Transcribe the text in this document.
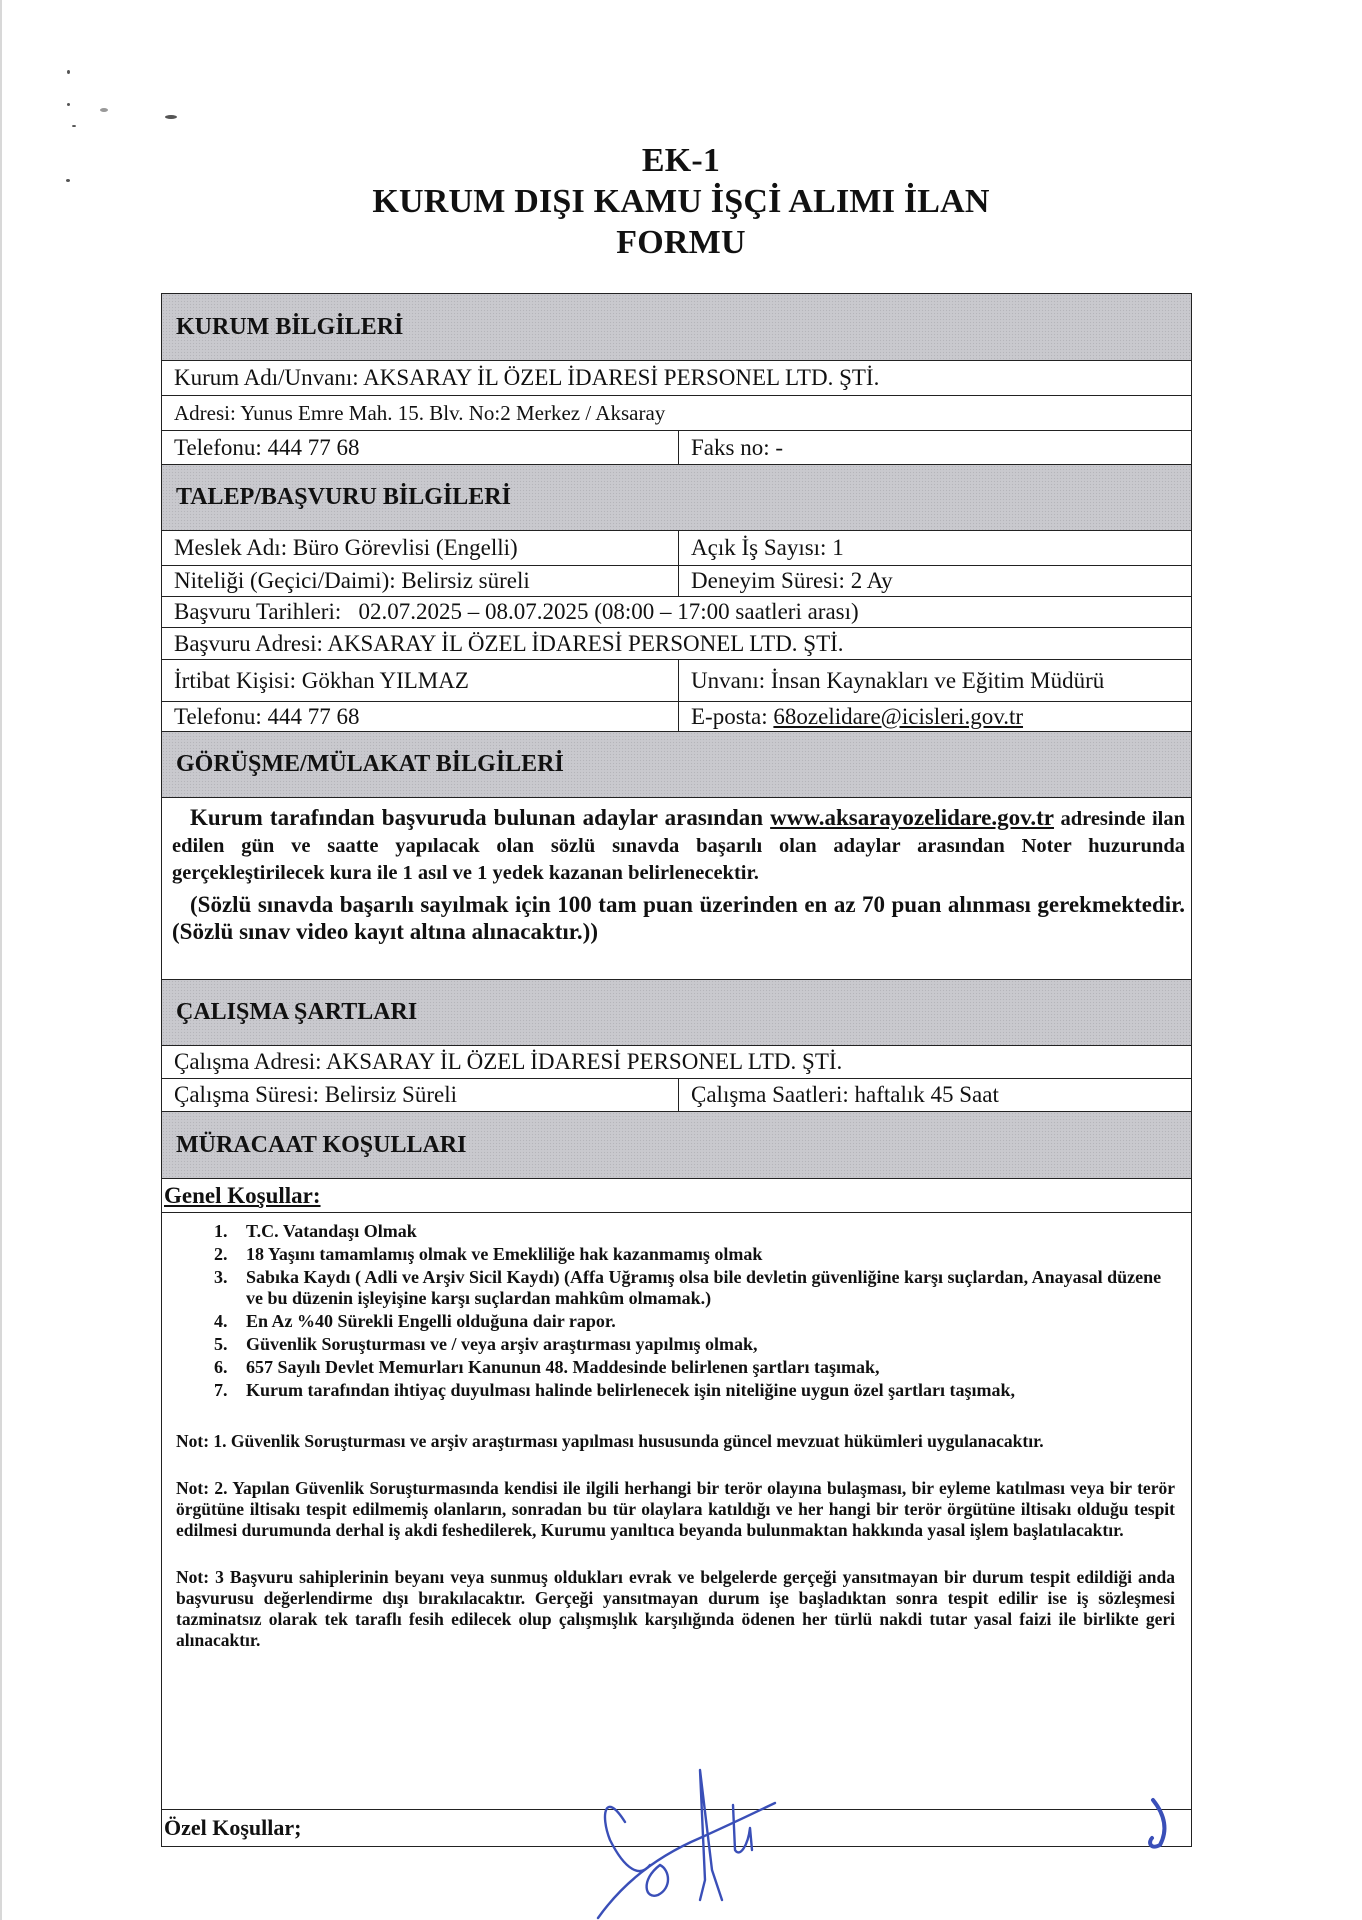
EK-1
KURUM DIŞI KAMU İŞÇİ ALIMI İLAN
FORMU
KURUM BİLGİLERİ
Kurum Adı/Unvanı: AKSARAY İL ÖZEL İDARESİ PERSONEL LTD. ŞTİ.
Adresi: Yunus Emre Mah. 15. Blv. No:2 Merkez / Aksaray
Telefonu: 444 77 68	Faks no: -
TALEP/BAŞVURU BİLGİLERİ
Meslek Adı: Büro Görevlisi (Engelli)	Açık İş Sayısı: 1
Niteliği (Geçici/Daimi): Belirsiz süreli	Deneyim Süresi: 2 Ay
Başvuru Tarihleri:   02.07.2025 – 08.07.2025 (08:00 – 17:00 saatleri arası)
Başvuru Adresi: AKSARAY İL ÖZEL İDARESİ PERSONEL LTD. ŞTİ.
İrtibat Kişisi: Gökhan YILMAZ	Unvanı: İnsan Kaynakları ve Eğitim Müdürü
Telefonu: 444 77 68	E-posta: 68ozelidare@icisleri.gov.tr
GÖRÜŞME/MÜLAKAT BİLGİLERİ

Kurum tarafından başvuruda bulunan adaylar arasından www.aksarayozelidare.gov.tr adresinde ilan edilen gün ve saatte yapılacak olan sözlü sınavda başarılı olan adaylar arasından Noter huzurunda gerçekleştirilecek kura ile 1 asıl ve 1 yedek kazanan belirlenecektir.

(Sözlü sınavda başarılı sayılmak için 100 tam puan üzerinden en az 70 puan alınması gerekmektedir. (Sözlü sınav video kayıt altına alınacaktır.))

ÇALIŞMA ŞARTLARI
Çalışma Adresi: AKSARAY İL ÖZEL İDARESİ PERSONEL LTD. ŞTİ.
Çalışma Süresi: Belirsiz Süreli	Çalışma Saatleri: haftalık 45 Saat
MÜRACAAT KOŞULLARI
Genel Koşullar:
1. T.C. Vatandaşı Olmak
2. 18 Yaşını tamamlamış olmak ve Emekliliğe hak kazanmamış olmak
3. Sabıka Kaydı ( Adli ve Arşiv Sicil Kaydı) (Affa Uğramış olsa bile devletin güvenliğine karşı suçlardan, Anayasal düzene ve bu düzenin işleyişine karşı suçlardan mahkûm olmamak.)
4. En Az %40 Sürekli Engelli olduğuna dair rapor.
5. Güvenlik Soruşturması ve / veya arşiv araştırması yapılmış olmak,
6. 657 Sayılı Devlet Memurları Kanunun 48. Maddesinde belirlenen şartları taşımak,
7. Kurum tarafından ihtiyaç duyulması halinde belirlenecek işin niteliğine uygun özel şartları taşımak,

Not: 1. Güvenlik Soruşturması ve arşiv araştırması yapılması hususunda güncel mevzuat hükümleri uygulanacaktır.

Not: 2. Yapılan Güvenlik Soruşturmasında kendisi ile ilgili herhangi bir terör olayına bulaşması, bir eyleme katılması veya bir terör örgütüne iltisakı tespit edilmemiş olanların, sonradan bu tür olaylara katıldığı ve her hangi bir terör örgütüne iltisakı olduğu tespit edilmesi durumunda derhal iş akdi feshedilerek, Kurumu yanıltıca beyanda bulunmaktan hakkında yasal işlem başlatılacaktır.

Not: 3 Başvuru sahiplerinin beyanı veya sunmuş oldukları evrak ve belgelerde gerçeği yansıtmayan bir durum tespit edildiği anda başvurusu değerlendirme dışı bırakılacaktır. Gerçeği yansıtmayan durum işe başladıktan sonra tespit edilir ise iş sözleşmesi tazminatsız olarak tek taraflı fesih edilecek olup çalışmışlık karşılığında ödenen her türlü nakdi tutar yasal faizi ile birlikte geri alınacaktır.

Özel Koşullar;
